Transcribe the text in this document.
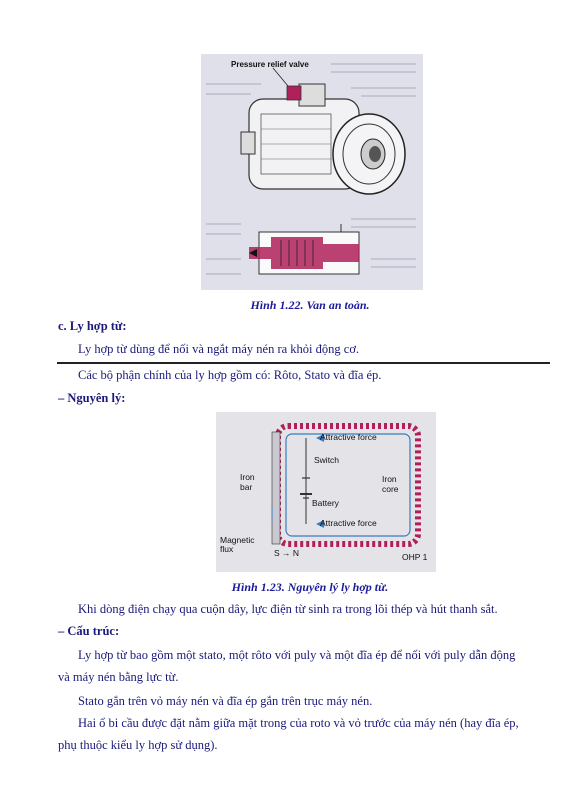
Pressure relief valve
Hình 1.22. Van an toàn.
c. Ly hợp từ:
Ly hợp từ dùng để nối và ngắt máy nén ra khỏi động cơ.
Các bộ phận chính của ly hợp gồm có: Rôto, Stato và đĩa ép.
– Nguyên lý:
Attractive force
Switch
Iron
bar
Iron
core
Battery
Attractive force
Magnetic
flux	S → N	OHP 1
Hình 1.23. Nguyên lý ly hợp từ.
Khi dòng điện chạy qua cuộn dây, lực điện từ sinh ra trong lõi thép và hút thanh sắt.
– Cấu trúc:
Ly hợp từ bao gồm một stato, một rôto với puly và một đĩa ép để nối với puly dẫn động
và máy nén bằng lực từ.
Stato gắn trên vỏ máy nén và đĩa ép gắn trên trục máy nén.
Hai ổ bi cầu được đặt nằm giữa mặt trong của roto và vỏ trước của máy nén (hay đĩa ép,
phụ thuộc kiểu ly hợp sử dụng).
